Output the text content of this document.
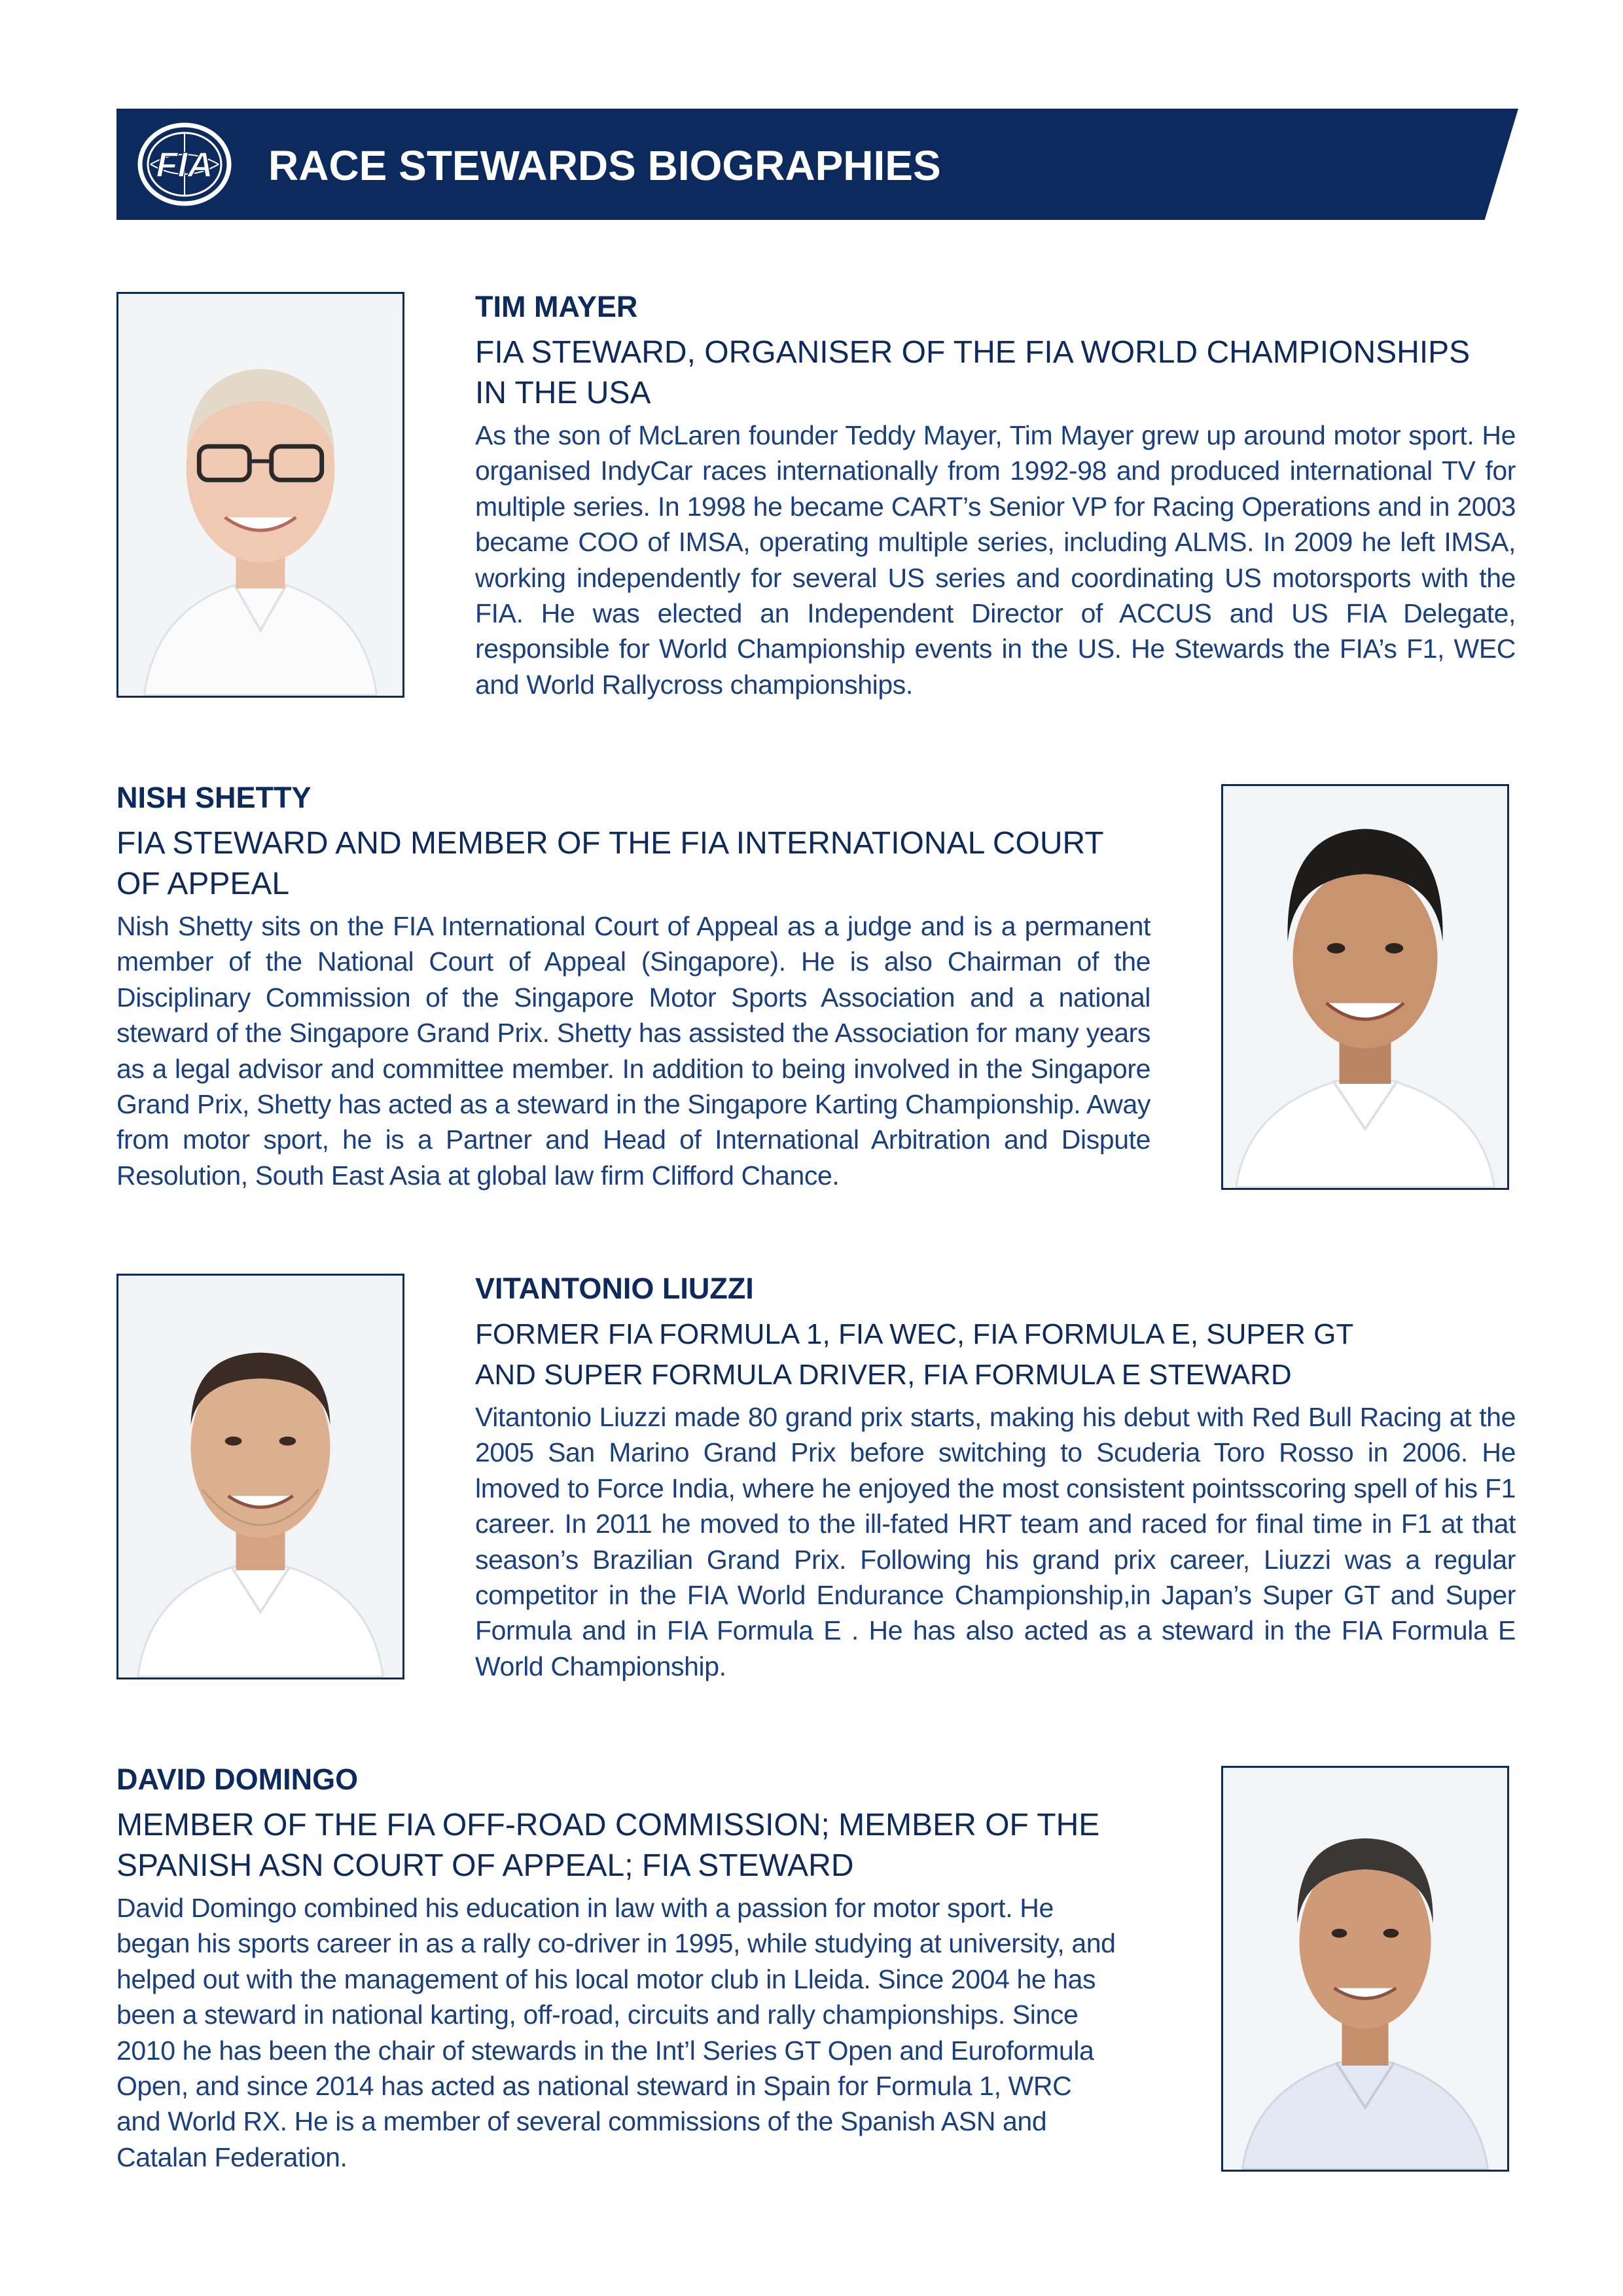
FIA RACE STEWARDS BIOGRAPHIES
TIM MAYER
FIA STEWARD, ORGANISER OF THE FIA WORLD CHAMPIONSHIPS IN THE USA

As the son of McLaren founder Teddy Mayer, Tim Mayer grew up around motor sport. He organised IndyCar races internationally from 1992-98 and produced international TV for multiple series. In 1998 he became CART’s Senior VP for Racing Operations and in 2003 became COO of IMSA, operating multiple series, including ALMS. In 2009 he left IMSA, working independently for several US series and coordinating US motorsports with the FIA. He was elected an Independent Director of ACCUS and US FIA Delegate, responsible for World Championship events in the US. He Stewards the FIA’s F1, WEC and World Rallycross championships.

NISH SHETTY
FIA STEWARD AND MEMBER OF THE FIA INTERNATIONAL COURT OF APPEAL

Nish Shetty sits on the FIA International Court of Appeal as a judge and is a permanent member of the National Court of Appeal (Singapore). He is also Chairman of the Disciplinary Commission of the Singapore Motor Sports Association and a national steward of the Singapore Grand Prix. Shetty has assisted the Association for many years as a legal advisor and committee member. In addition to being involved in the Singapore Grand Prix, Shetty has acted as a steward in the Singapore Karting Championship. Away from motor sport, he is a Partner and Head of International Arbitration and Dispute Resolution, South East Asia at global law firm Clifford Chance.

VITANTONIO LIUZZI
FORMER FIA FORMULA 1, FIA WEC, FIA FORMULA E, SUPER GT AND SUPER FORMULA DRIVER, FIA FORMULA E STEWARD

Vitantonio Liuzzi made 80 grand prix starts, making his debut with Red Bull Racing at the 2005 San Marino Grand Prix before switching to Scuderia Toro Rosso in 2006. He lmoved to Force India, where he enjoyed the most consistent pointsscoring spell of his F1 career. In 2011 he moved to the ill-fated HRT team and raced for final time in F1 at that season’s Brazilian Grand Prix. Following his grand prix career, Liuzzi was a regular competitor in the FIA World Endurance Championship,in Japan’s Super GT and Super Formula and in FIA Formula E . He has also acted as a steward in the FIA Formula E World Championship.

DAVID DOMINGO
MEMBER OF THE FIA OFF-ROAD COMMISSION; MEMBER OF THE SPANISH ASN COURT OF APPEAL; FIA STEWARD

David Domingo combined his education in law with a passion for motor sport. He began his sports career in as a rally co-driver in 1995, while studying at university, and helped out with the management of his local motor club in Lleida. Since 2004 he has been a steward in national karting, off-road, circuits and rally championships. Since 2010 he has been the chair of stewards in the Int’l Series GT Open and Euroformula Open, and since 2014 has acted as national steward in Spain for Formula 1, WRC and World RX. He is a member of several commissions of the Spanish ASN and Catalan Federation.
